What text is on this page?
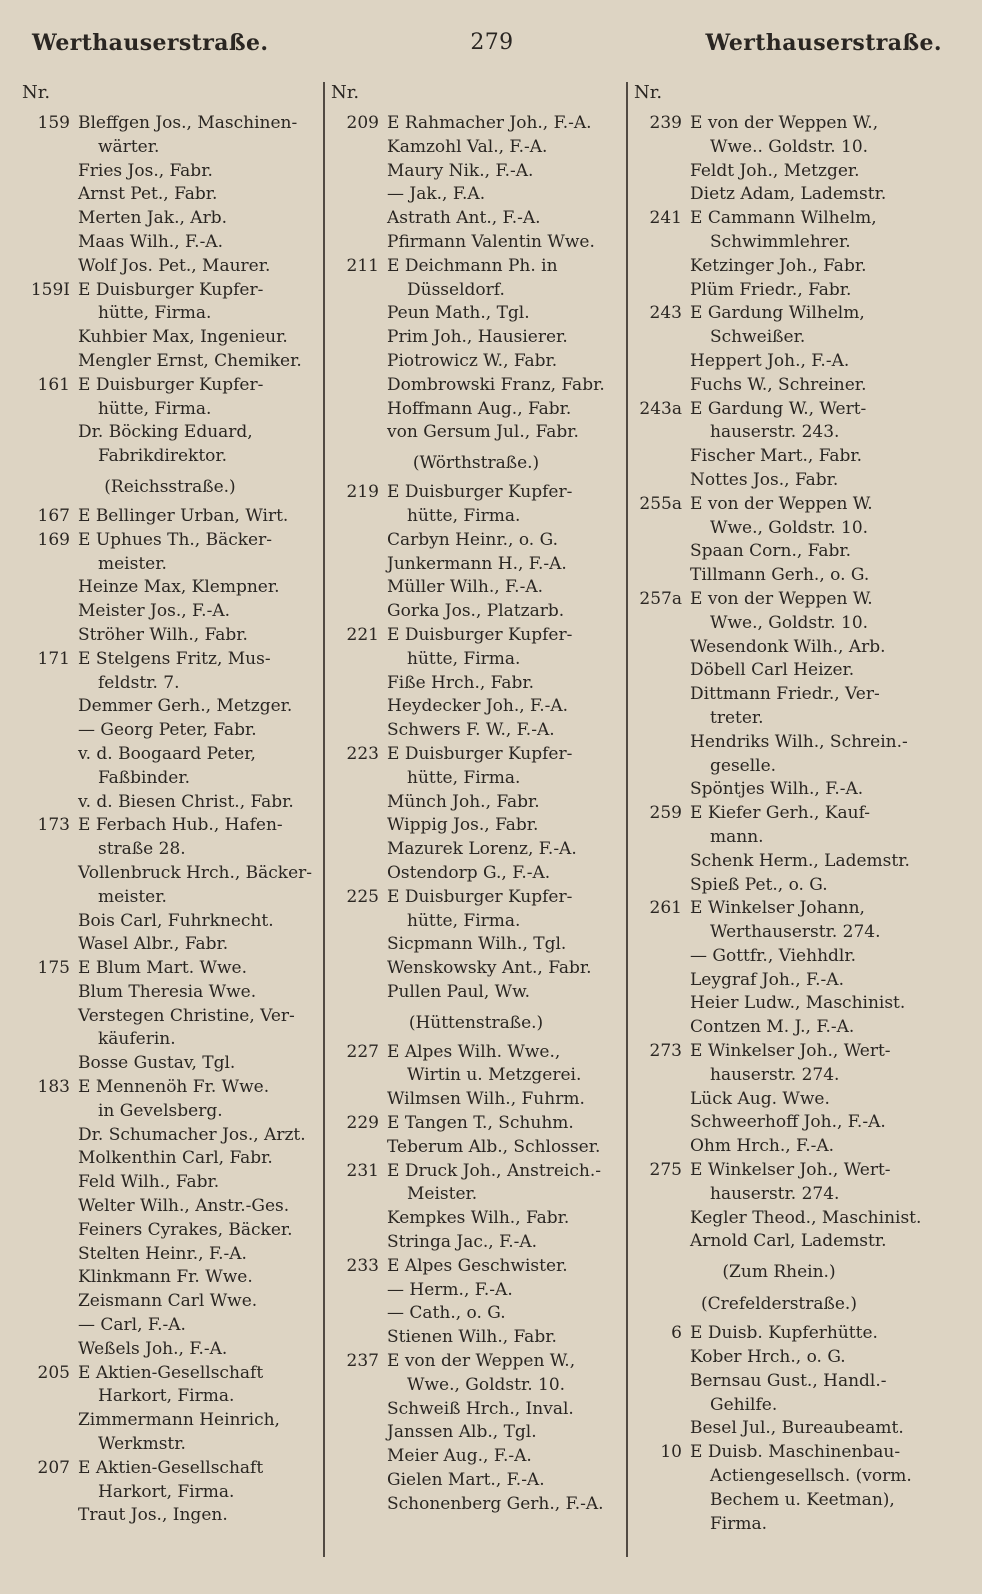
Werthauserstraße.	279	Werthauserstraße.
Nr.
159 Bleffgen Jos., Maschinen-
wärter.
Fries Jos., Fabr.
Arnst Pet., Fabr.
Merten Jak., Arb.
Maas Wilh., F.-A.
Wolf Jos. Pet., Maurer.
159I E Duisburger Kupfer-
hütte, Firma.
Kuhbier Max, Ingenieur.
Mengler Ernst, Chemiker.
161 E Duisburger Kupfer-
hütte, Firma.
Dr. Böcking Eduard,
Fabrikdirektor.
(Reichsstraße.)
167 E Bellinger Urban, Wirt.
169 E Uphues Th., Bäcker-
meister.
Heinze Max, Klempner.
Meister Jos., F.-A.
Ströher Wilh., Fabr.
171 E Stelgens Fritz, Mus-
feldstr. 7.
Demmer Gerh., Metzger.
— Georg Peter, Fabr.
v. d. Boogaard Peter,
Faßbinder.
v. d. Biesen Christ., Fabr.
173 E Ferbach Hub., Hafen-
straße 28.
Vollenbruck Hrch., Bäcker-
meister.
Bois Carl, Fuhrknecht.
Wasel Albr., Fabr.
175 E Blum Mart. Wwe.
Blum Theresia Wwe.
Verstegen Christine, Ver-
käuferin.
Bosse Gustav, Tgl.
183 E Mennenöh Fr. Wwe.
in Gevelsberg.
Dr. Schumacher Jos., Arzt.
Molkenthin Carl, Fabr.
Feld Wilh., Fabr.
Welter Wilh., Anstr.-Ges.
Feiners Cyrakes, Bäcker.
Stelten Heinr., F.-A.
Klinkmann Fr. Wwe.
Zeismann Carl Wwe.
— Carl, F.-A.
Weßels Joh., F.-A.
205 E Aktien-Gesellschaft
Harkort, Firma.
Zimmermann Heinrich,
Werkmstr.
207 E Aktien-Gesellschaft
Harkort, Firma.
Traut Jos., Ingen.
Nr.
209 E Rahmacher Joh., F.-A.
Kamzohl Val., F.-A.
Maury Nik., F.-A.
— Jak., F.A.
Astrath Ant., F.-A.
Pfirmann Valentin Wwe.
211 E Deichmann Ph. in
Düsseldorf.
Peun Math., Tgl.
Prim Joh., Hausierer.
Piotrowicz W., Fabr.
Dombrowski Franz, Fabr.
Hoffmann Aug., Fabr.
von Gersum Jul., Fabr.
(Wörthstraße.)
219 E Duisburger Kupfer-
hütte, Firma.
Carbyn Heinr., o. G.
Junkermann H., F.-A.
Müller Wilh., F.-A.
Gorka Jos., Platzarb.
221 E Duisburger Kupfer-
hütte, Firma.
Fiße Hrch., Fabr.
Heydecker Joh., F.-A.
Schwers F. W., F.-A.
223 E Duisburger Kupfer-
hütte, Firma.
Münch Joh., Fabr.
Wippig Jos., Fabr.
Mazurek Lorenz, F.-A.
Ostendorp G., F.-A.
225 E Duisburger Kupfer-
hütte, Firma.
Sicpmann Wilh., Tgl.
Wenskowsky Ant., Fabr.
Pullen Paul, Ww.
(Hüttenstraße.)
227 E Alpes Wilh. Wwe.,
Wirtin u. Metzgerei.
Wilmsen Wilh., Fuhrm.
229 E Tangen T., Schuhm.
Teberum Alb., Schlosser.
231 E Druck Joh., Anstreich.-
Meister.
Kempkes Wilh., Fabr.
Stringa Jac., F.-A.
233 E Alpes Geschwister.
— Herm., F.-A.
— Cath., o. G.
Stienen Wilh., Fabr.
237 E von der Weppen W.,
Wwe., Goldstr. 10.
Schweiß Hrch., Inval.
Janssen Alb., Tgl.
Meier Aug., F.-A.
Gielen Mart., F.-A.
Schonenberg Gerh., F.-A.
Nr.
239 E von der Weppen W.,
Wwe.. Goldstr. 10.
Feldt Joh., Metzger.
Dietz Adam, Lademstr.
241 E Cammann Wilhelm,
Schwimmlehrer.
Ketzinger Joh., Fabr.
Plüm Friedr., Fabr.
243 E Gardung Wilhelm,
Schweißer.
Heppert Joh., F.-A.
Fuchs W., Schreiner.
243a E Gardung W., Wert-
hauserstr. 243.
Fischer Mart., Fabr.
Nottes Jos., Fabr.
255a E von der Weppen W.
Wwe., Goldstr. 10.
Spaan Corn., Fabr.
Tillmann Gerh., o. G.
257a E von der Weppen W.
Wwe., Goldstr. 10.
Wesendonk Wilh., Arb.
Döbell Carl Heizer.
Dittmann Friedr., Ver-
treter.
Hendriks Wilh., Schrein.-
geselle.
Spöntjes Wilh., F.-A.
259 E Kiefer Gerh., Kauf-
mann.
Schenk Herm., Lademstr.
Spieß Pet., o. G.
261 E Winkelser Johann,
Werthauserstr. 274.
— Gottfr., Viehhdlr.
Leygraf Joh., F.-A.
Heier Ludw., Maschinist.
Contzen M. J., F.-A.
273 E Winkelser Joh., Wert-
hauserstr. 274.
Lück Aug. Wwe.
Schweerhoff Joh., F.-A.
Ohm Hrch., F.-A.
275 E Winkelser Joh., Wert-
hauserstr. 274.
Kegler Theod., Maschinist.
Arnold Carl, Lademstr.
(Zum Rhein.)
(Crefelderstraße.)
6 E Duisb. Kupferhütte.
Kober Hrch., o. G.
Bernsau Gust., Handl.-
Gehilfe.
Besel Jul., Bureaubeamt.
10 E Duisb. Maschinenbau-
Actiengesellsch. (vorm.
Bechem u. Keetman),
Firma.
